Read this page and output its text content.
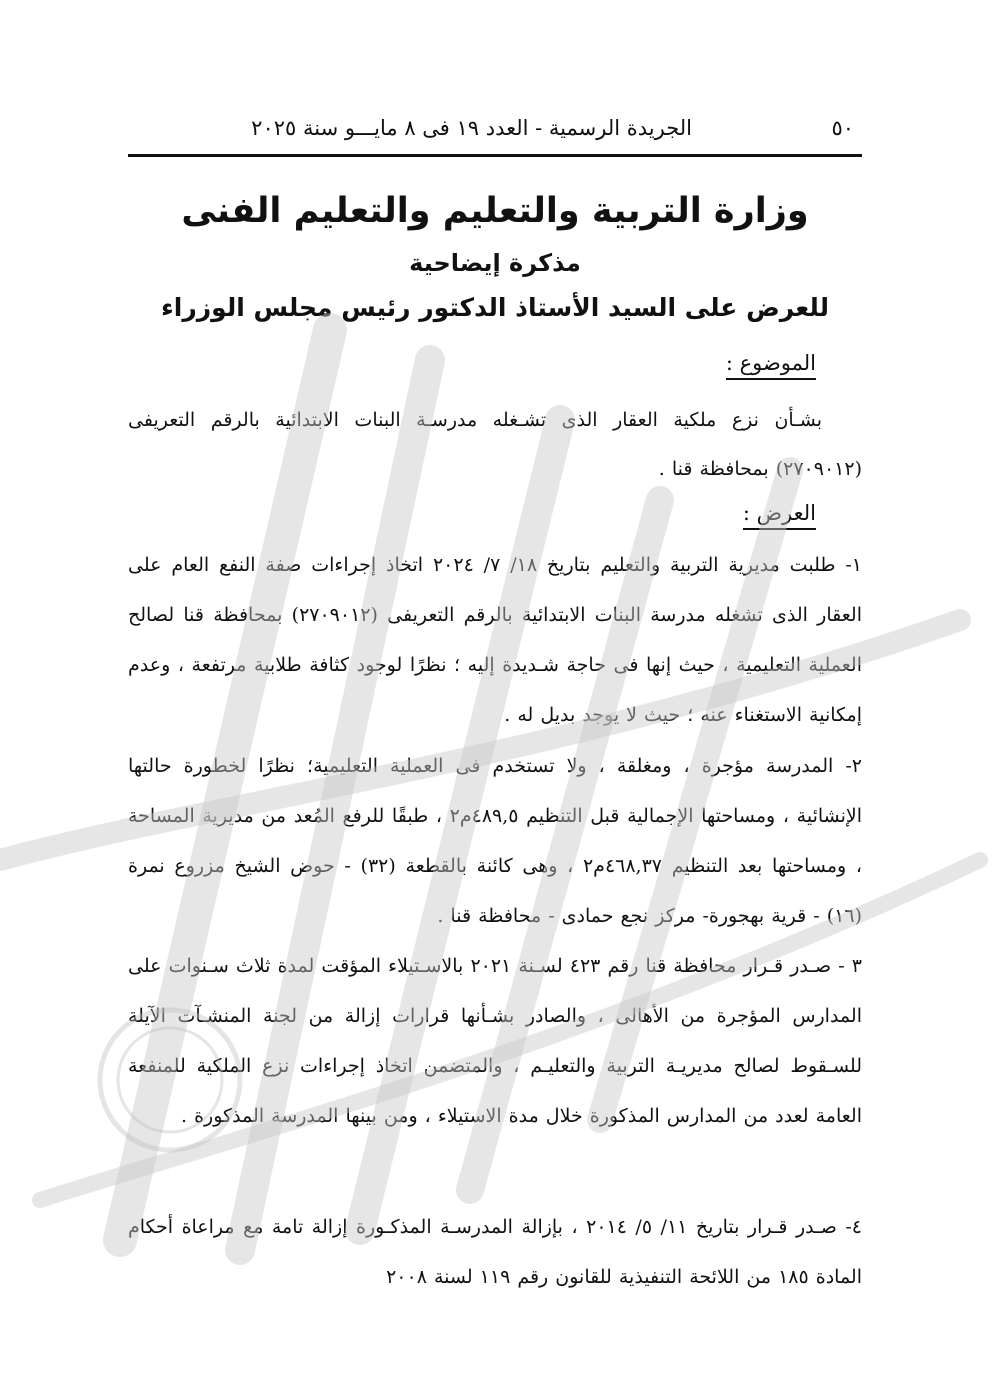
٥٠
الجريدة الرسمية - العدد ١٩ فى ٨ مايـــو سنة ٢٠٢٥
وزارة التربية والتعليم والتعليم الفنى
مذكرة إيضاحية
للعرض على السيد الأستاذ الدكتور رئيس مجلس الوزراء
الموضوع :
بشـأن نزع ملكية العقار الذى تشـغله مدرسـة البنات الابتدائية بالرقم التعريفى (٢٧٠٩٠١٢) بمحافظة قنا .
العرض :
١- طلبت مديرية التربية والتعليم بتاريخ ١٨/ ٧/ ٢٠٢٤ اتخاذ إجراءات صفة النفع العام على العقار الذى تشغله مدرسة البنات الابتدائية بالرقم التعريفى (٢٧٠٩٠١٢) بمحافظة قنا لصالح العملية التعليمية ، حيث إنها فى حاجة شـديدة إليه ؛ نظرًا لوجود كثافة طلابية مرتفعة ، وعدم إمكانية الاستغناء عنه ؛ حيث لا يوجد بديل له .
٢- المدرسة مؤجرة ، ومغلقة ، ولا تستخدم فى العملية التعليمية؛ نظرًا لخطورة حالتها الإنشائية ، ومساحتها الإجمالية قبل التنظيم ٤٨٩,٥م٢ ، طبقًا للرفع المُعد من مديرية المساحة ، ومساحتها بعد التنظيم ٤٦٨,٣٧م٢ ، وهى كائنة بالقطعة (٣٢) - حوض الشيخ مزروع نمرة (١٦) - قرية بهجورة- مركز نجع حمادى - محافظة قنا .
٣ - صـدر قـرار محافظة قنا رقم ٤٢٣ لسـنة ٢٠٢١ بالاسـتيلاء المؤقت لمدة ثلاث سـنوات على المدارس المؤجرة من الأهالى ، والصادر بشـأنها قرارات إزالة من لجنة المنشـآت الآيلة للسـقوط لصالح مديريـة التربية والتعليـم ، والمتضمن اتخاذ إجراءات نزع الملكية للمنفعة العامة لعدد من المدارس المذكورة خلال مدة الاستيلاء ، ومن بينها المدرسة المذكورة .
٤- صـدر قـرار بتاريخ ١١/ ٥/ ٢٠١٤ ، بإزالة المدرسـة المذكـورة إزالة تامة مع مراعاة أحكام المادة ١٨٥ من اللائحة التنفيذية للقانون رقم ١١٩ لسنة ٢٠٠٨
